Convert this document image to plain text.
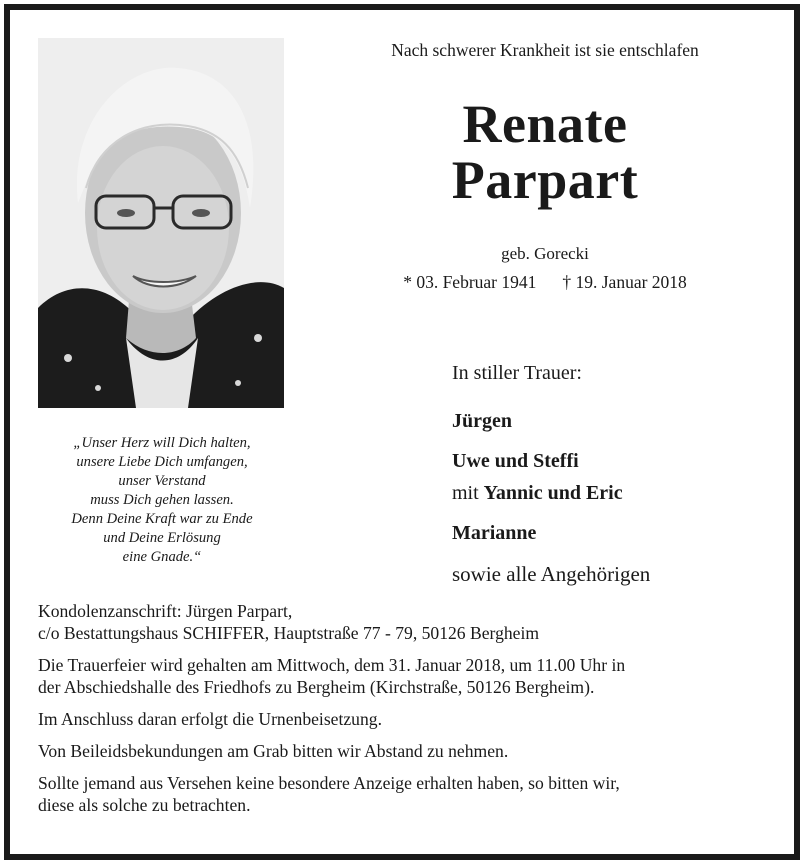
„Unser Herz will Dich halten,
unsere Liebe Dich umfangen,
unser Verstand
muss Dich gehen lassen.
Denn Deine Kraft war zu Ende
und Deine Erlösung
eine Gnade.“
Nach schwerer Krankheit ist sie entschlafen
Renate
Parpart
geb. Gorecki
* 03. Februar 1941 † 19. Januar 2018
In stiller Trauer:
Jürgen
Uwe und Steffi
mit Yannic und Eric
Marianne
sowie alle Angehörigen

Kondolenzanschrift: Jürgen Parpart,

c/o Bestattungshaus SCHIFFER, Hauptstraße 77 - 79, 50126 Bergheim

Die Trauerfeier wird gehalten am Mittwoch, dem 31. Januar 2018, um 11.00 Uhr in

der Abschiedshalle des Friedhofs zu Bergheim (Kirchstraße, 50126 Bergheim).

Im Anschluss daran erfolgt die Urnenbeisetzung.

Von Beileidsbekundungen am Grab bitten wir Abstand zu nehmen.

Sollte jemand aus Versehen keine besondere Anzeige erhalten haben, so bitten wir,

diese als solche zu betrachten.
